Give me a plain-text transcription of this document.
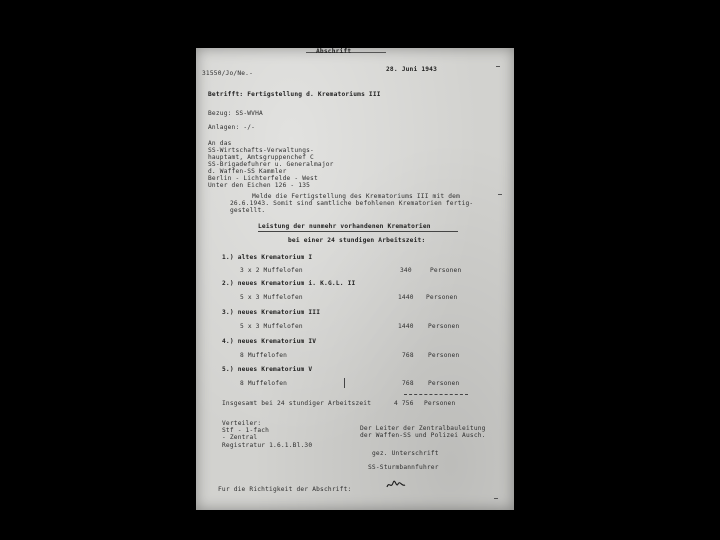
Abschrift
31550/Jo/Ne.-
28. Juni 1943
Betrifft: Fertigstellung d. Krematoriums III
Bezug: SS-WVHA
Anlagen: -/-
An das
SS-Wirtschafts-Verwaltungs-
hauptamt, Amtsgruppenchef C
SS-Brigadefuhrer u. Generalmajor
d. Waffen-SS Kammler
Berlin - Lichterfelde - West
Unter den Eichen 126 - 135
Melde die Fertigstellung des Krematoriums III mit dem
26.6.1943. Somit sind samtliche befohlenen Krematorien fertig-
gestellt.
Leistung der nunmehr vorhandenen Krematorien
bei einer 24 stundigen Arbeitszeit:
1.) altes Krematorium I
3 x 2 Muffelofen	340	Personen
2.) neues Krematorium i. K.G.L. II
5 x 3 Muffelofen	1440 Personen
3.) neues Krematorium III
5 x 3 Muffelofen	1440 Personen
4.) neues Krematorium IV
8 Muffelofen	768 Personen
5.) neues Krematorium V
8 Muffelofen	768 Personen
Insgesamt bei 24 stundiger Arbeitszeit	4 756 Personen
Verteiler:
Stf - 1-fach
- Zentral
Registratur 1.6.1.Bl.30
Der Leiter der Zentralbauleitung
der Waffen-SS und Polizei Ausch.
gez. Unterschrift
SS-Sturmbannfuhrer
Fur die Richtigkeit der Abschrift:
